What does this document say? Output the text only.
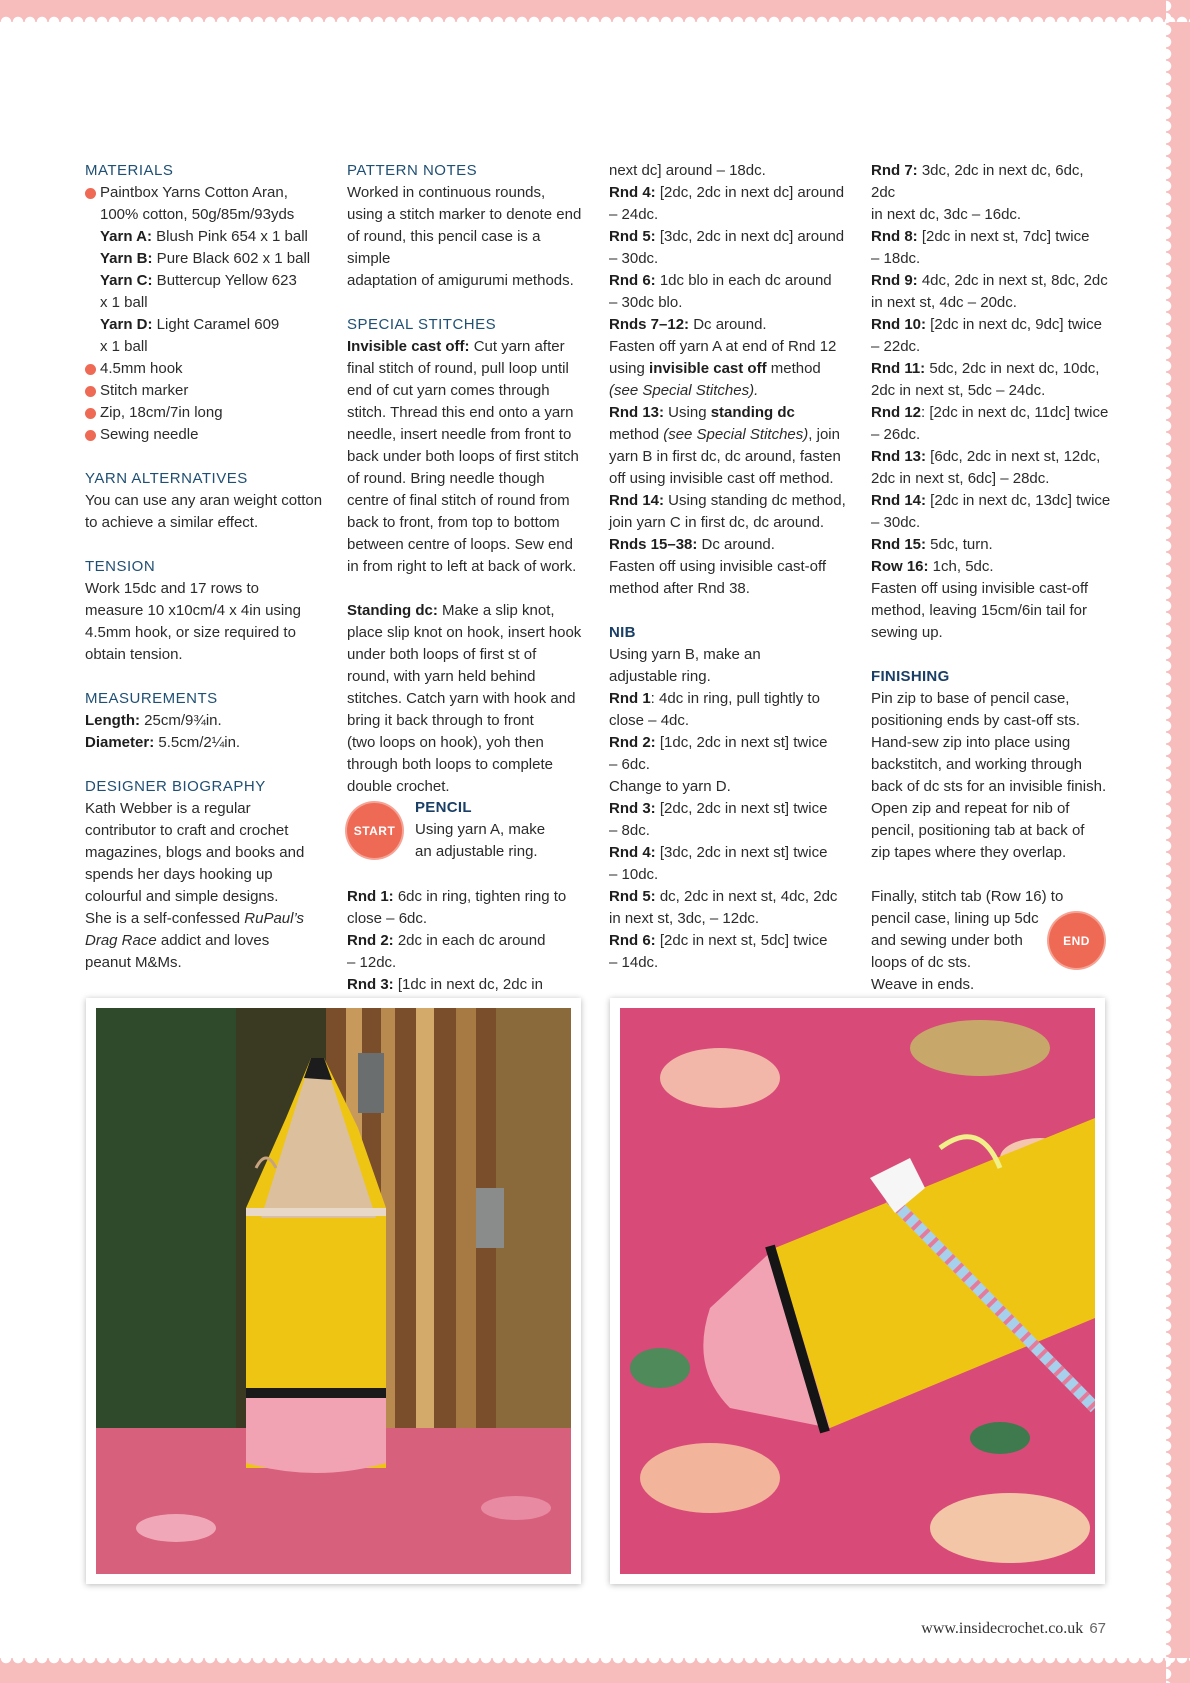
MATERIALS

Paintbox Yarns Cotton Aran,

100% cotton, 50g/85m/93yds

Yarn A: Blush Pink 654 x 1 ball

Yarn B: Pure Black 602 x 1 ball

Yarn C: Buttercup Yellow 623

x 1 ball

Yarn D: Light Caramel 609

x 1 ball

4.5mm hook

Stitch marker

Zip, 18cm/7in long

Sewing needle

YARN ALTERNATIVES

You can use any aran weight cotton

to achieve a similar effect.

TENSION

Work 15dc and 17 rows to

measure 10 x10cm/4 x 4in using

4.5mm hook, or size required to

obtain tension.

MEASUREMENTS

Length: 25cm/9¾in.

Diameter: 5.5cm/2¼in.

DESIGNER BIOGRAPHY

Kath Webber is a regular

contributor to craft and crochet

magazines, blogs and books and

spends her days hooking up

colourful and simple designs.

She is a self-confessed RuPaul’s

Drag Race addict and loves

peanut M&Ms.

PATTERN NOTES

Worked in continuous rounds,

using a stitch marker to denote end

of round, this pencil case is a simple

adaptation of amigurumi methods.

SPECIAL STITCHES

Invisible cast off: Cut yarn after

final stitch of round, pull loop until

end of cut yarn comes through

stitch. Thread this end onto a yarn

needle, insert needle from front to

back under both loops of first stitch

of round. Bring needle though

centre of final stitch of round from

back to front, from top to bottom

between centre of loops. Sew end

in from right to left at back of work.

Standing dc: Make a slip knot,

place slip knot on hook, insert hook

under both loops of first st of

round, with yarn held behind

stitches. Catch yarn with hook and

bring it back through to front

(two loops on hook), yoh then

through both loops to complete

double crochet.

Rnd 1: 6dc in ring, tighten ring to

close – 6dc.

Rnd 2: 2dc in each dc around

– 12dc.

Rnd 3: [1dc in next dc, 2dc in

START

PENCIL

Using yarn A, make

an adjustable ring.

next dc] around – 18dc.

Rnd 4: [2dc, 2dc in next dc] around

– 24dc.

Rnd 5: [3dc, 2dc in next dc] around

– 30dc.

Rnd 6: 1dc blo in each dc around

– 30dc blo.

Rnds 7–12: Dc around.

Fasten off yarn A at end of Rnd 12

using invisible cast off method

(see Special Stitches).

Rnd 13: Using standing dc

method (see Special Stitches), join

yarn B in first dc, dc around, fasten

off using invisible cast off method.

Rnd 14: Using standing dc method,

join yarn C in first dc, dc around.

Rnds 15–38: Dc around.

Fasten off using invisible cast-off

method after Rnd 38.

NIB

Using yarn B, make an

adjustable ring.

Rnd 1: 4dc in ring, pull tightly to

close – 4dc.

Rnd 2: [1dc, 2dc in next st] twice

– 6dc.

Change to yarn D.

Rnd 3: [2dc, 2dc in next st] twice

– 8dc.

Rnd 4: [3dc, 2dc in next st] twice

– 10dc.

Rnd 5: dc, 2dc in next st, 4dc, 2dc

in next st, 3dc, – 12dc.

Rnd 6: [2dc in next st, 5dc] twice

– 14dc.

Rnd 7: 3dc, 2dc in next dc, 6dc, 2dc

in next dc, 3dc – 16dc.

Rnd 8: [2dc in next st, 7dc] twice

– 18dc.

Rnd 9: 4dc, 2dc in next st, 8dc, 2dc

in next st, 4dc – 20dc.

Rnd 10: [2dc in next dc, 9dc] twice

– 22dc.

Rnd 11: 5dc, 2dc in next dc, 10dc,

2dc in next st, 5dc – 24dc.

Rnd 12: [2dc in next dc, 11dc] twice

– 26dc.

Rnd 13: [6dc, 2dc in next st, 12dc,

2dc in next st, 6dc] – 28dc.

Rnd 14: [2dc in next dc, 13dc] twice

– 30dc.

Rnd 15: 5dc, turn.

Row 16: 1ch, 5dc.

Fasten off using invisible cast-off

method, leaving 15cm/6in tail for

sewing up.

FINISHING

Pin zip to base of pencil case,

positioning ends by cast-off sts.

Hand-sew zip into place using

backstitch, and working through

back of dc sts for an invisible finish.

Open zip and repeat for nib of

pencil, positioning tab at back of

zip tapes where they overlap.

Finally, stitch tab (Row 16) to

pencil case, lining up 5dc

and sewing under both

loops of dc sts.

Weave in ends.

END
www.insidecrochet.co.uk 67
